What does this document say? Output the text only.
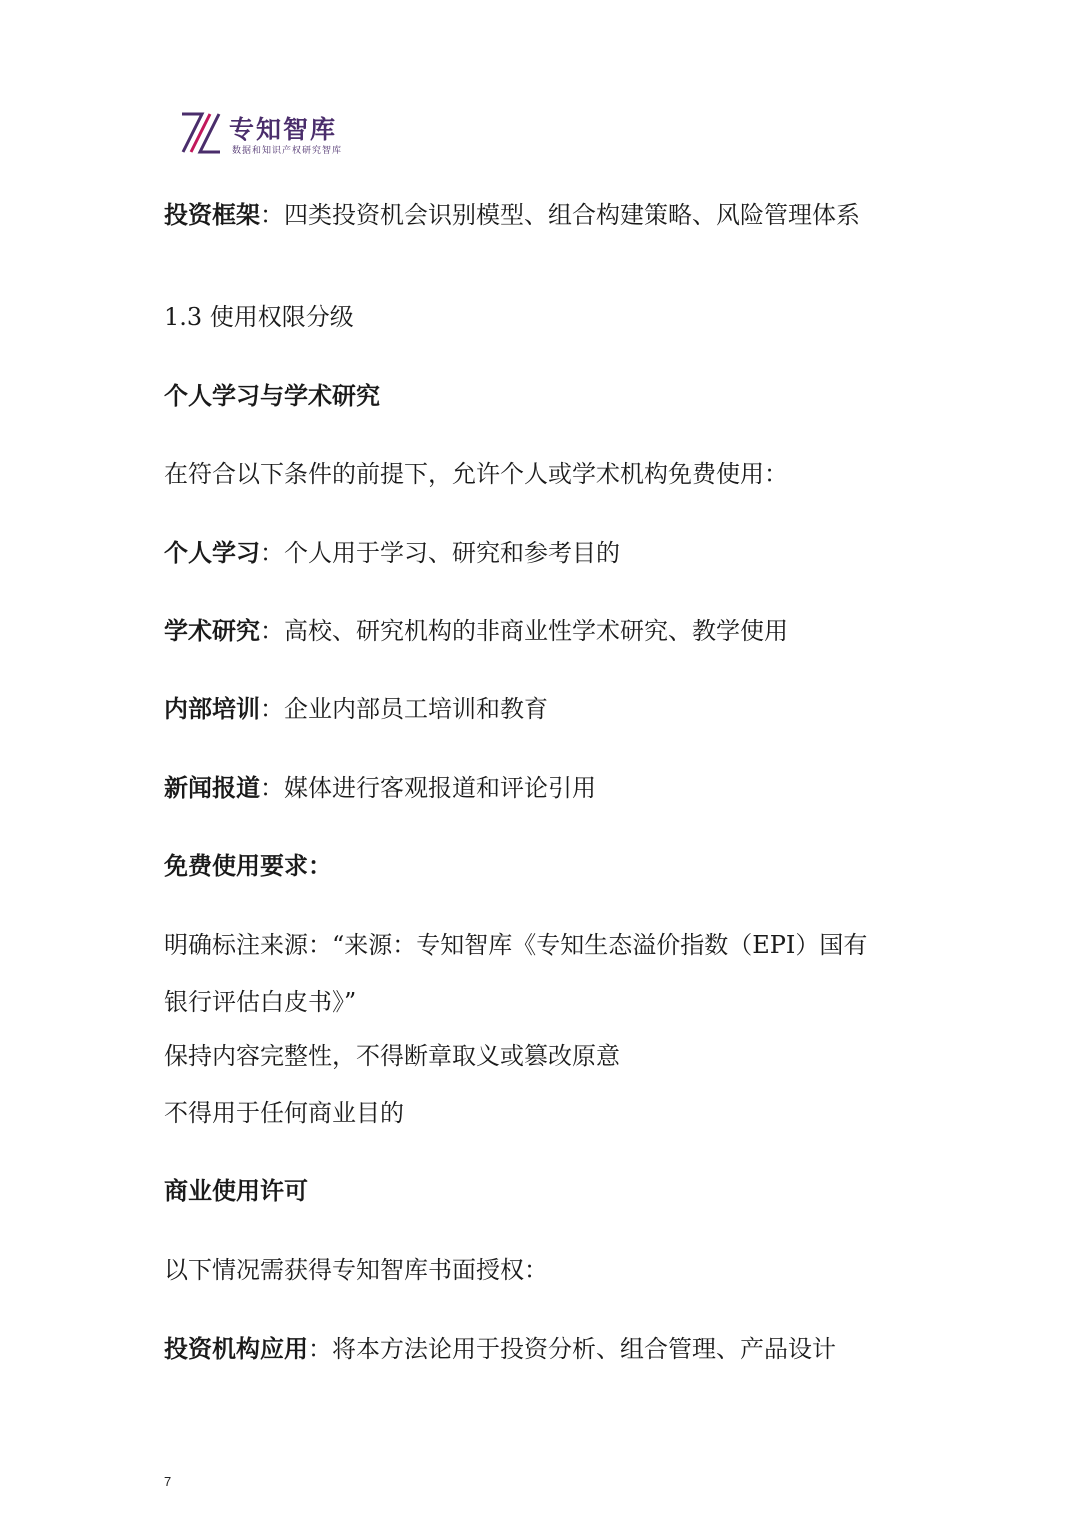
专知智库
数据和知识产权研究智库
投资框架：四类投资机会识别模型、组合构建策略、风险管理体系
1.3 使用权限分级
个人学习与学术研究
在符合以下条件的前提下，允许个人或学术机构免费使用：
个人学习：个人用于学习、研究和参考目的
学术研究：高校、研究机构的非商业性学术研究、教学使用
内部培训：企业内部员工培训和教育
新闻报道：媒体进行客观报道和评论引用
免费使用要求：
明确标注来源：“来源：专知智库《专知生态溢价指数（EPI）国有
银行评估白皮书》”
保持内容完整性，不得断章取义或篡改原意
不得用于任何商业目的
商业使用许可
以下情况需获得专知智库书面授权：
投资机构应用：将本方法论用于投资分析、组合管理、产品设计
7
